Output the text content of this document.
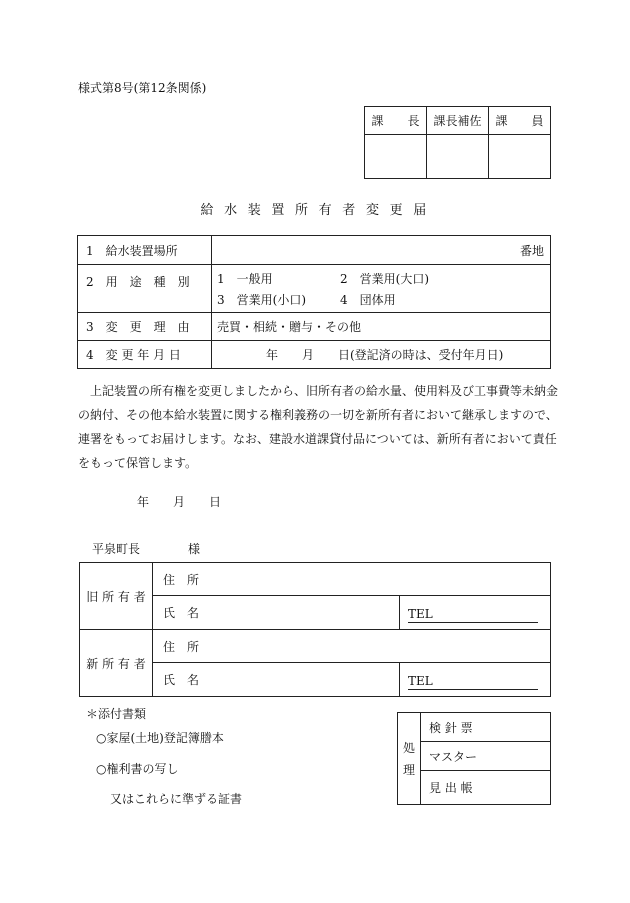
様式第8号(第12条関係)
課　　長	課長補佐	課　　員

給 水 装 置 所 有 者 変 更 届
1　給水装置場所	番地
2　用　途　種　別	1　一般用 2　営業用(大口)
3　営業用(小口) 4　団体用

3　変　更　理　由	売買・相続・贈与・その他
4　変 更 年 月 日	年　　月　　日(登記済の時は、受付年月日)
上記装置の所有権を変更しましたから、旧所有者の給水量、使用料及び工事費等未納金
の納付、その他本給水装置に関する権利義務の一切を新所有者において継承しますので、
連署をもってお届けします。なお、建設水道課貸付品については、新所有者において責任
をもって保管します。
年　　月　　日
平泉町長　　　　様
旧 所 有 者	住　所	
	氏　名	TEL

新 所 有 者	住　所	
	氏　名	TEL
＊添付書類
○家屋(土地)登記簿謄本
○権利書の写し
又はこれらに準ずる証書
処
理
	検 針 票
マスター
見 出 帳
